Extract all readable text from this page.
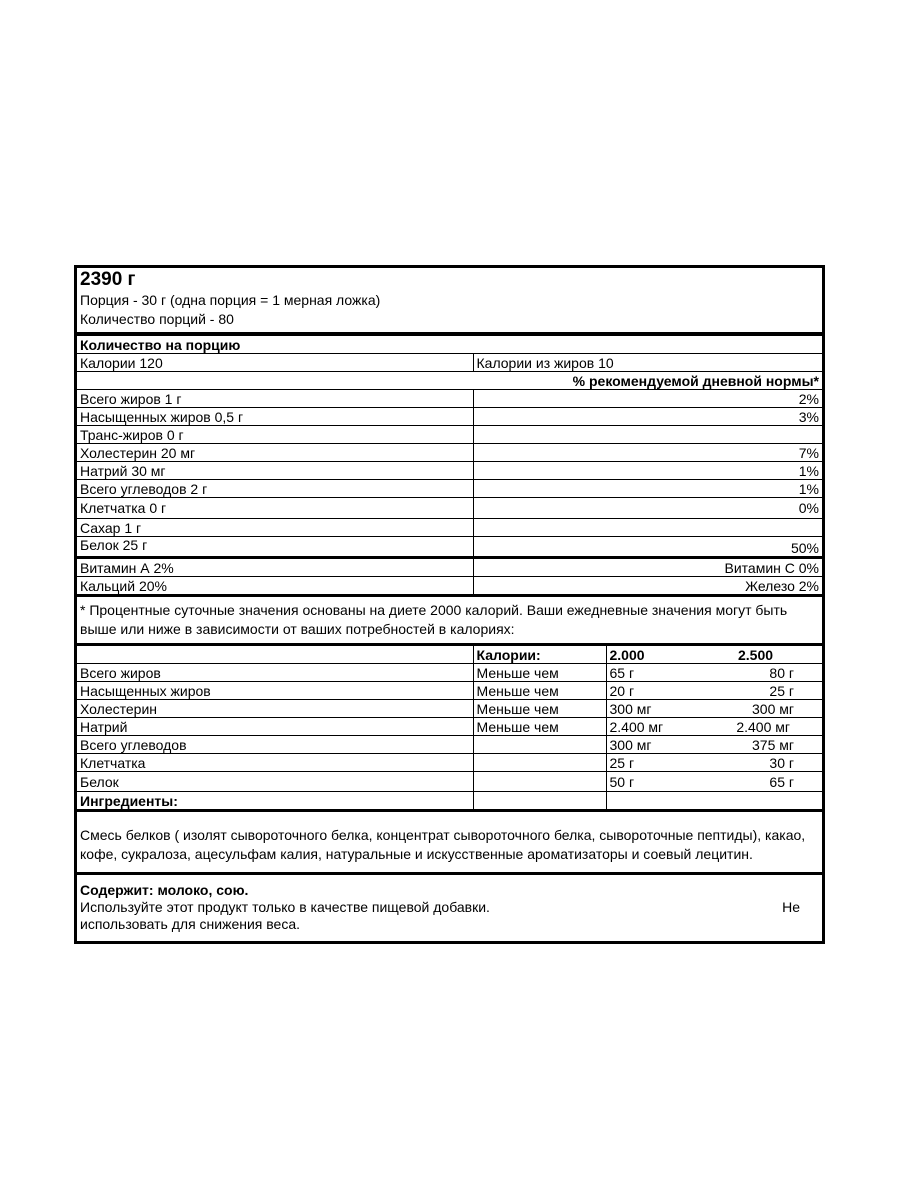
2390 г
Порция - 30 г (одна порция = 1 мерная ложка)
Количество порций - 80
Количество на порцию	
Калории 120	Калории из жиров 10
% рекомендуемой дневной нормы*	
Всего жиров 1 г	2%
Насыщенных жиров 0,5 г	3%
Транс-жиров 0 г	
Холестерин 20 мг	7%
Натрий 30 мг	1%
Всего углеводов 2 г	1%
Клетчатка 0 г	0%
Сахар 1 г	
Белок 25 г	50%
Витамин А 2%	Витамин С 0%
Кальций 20%	Железо 2%
* Процентные суточные значения основаны на диете 2000 калорий. Ваши ежедневные значения могут быть выше или ниже в зависимости от ваших потребностей в калориях:
	Калории:	2.000	2.500
Всего жиров	Меньше чем	65 г	80 г
Насыщенных жиров	Меньше чем	20 г	25 г
Холестерин	Меньше чем	300 мг	300 мг
Натрий	Меньше чем	2.400 мг	2.400 мг
Всего углеводов		300 мг	375 мг
Клетчатка		25 г	30 г
Белок		50 г	65 г
Ингредиенты:			
Смесь белков ( изолят сывороточного белка, концентрат сывороточного белка, сывороточные пептиды), какао, кофе, сукралоза, ацесульфам калия, натуральные и искусственные ароматизаторы и соевый лецитин.
Содержит: молоко, сою.
Используйте этот продукт только в качестве пищевой добавки.
использовать для снижения веса.
Не
